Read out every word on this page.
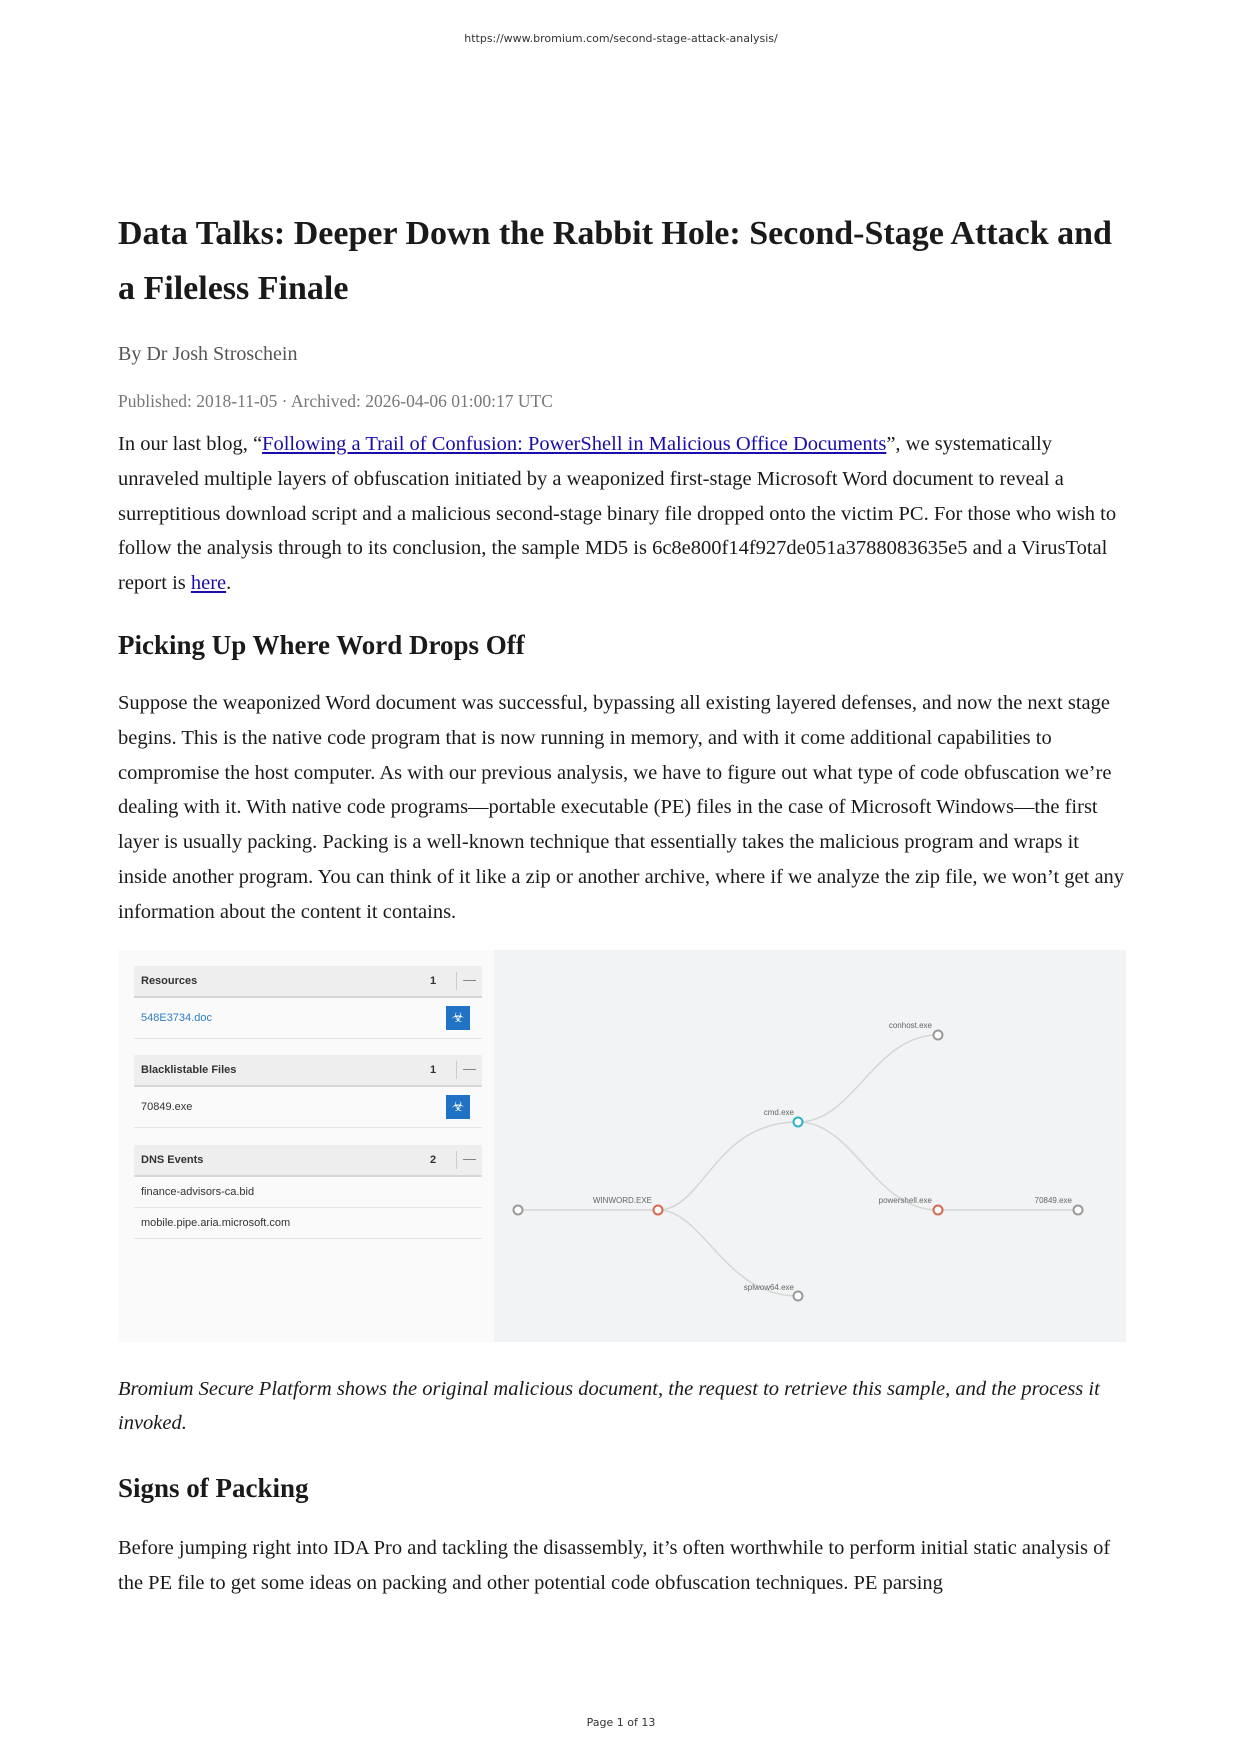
https://www.bromium.com/second-stage-attack-analysis/
Data Talks: Deeper Down the Rabbit Hole: Second-Stage Attack and a Fileless Finale
By Dr Josh Stroschein
Published: 2018-11-05 · Archived: 2026-04-06 01:00:17 UTC

In our last blog, “Following a Trail of Confusion: PowerShell in Malicious Office Documents”, we systematically unraveled multiple layers of obfuscation initiated by a weaponized first-stage Microsoft Word document to reveal a surreptitious download script and a malicious second-stage binary file dropped onto the victim PC. For those who wish to follow the analysis through to its conclusion, the sample MD5 is 6c8e800f14f927de051a3788083635e5 and a VirusTotal report is here.

Picking Up Where Word Drops Off

Suppose the weaponized Word document was successful, bypassing all existing layered defenses, and now the next stage begins. This is the native code program that is now running in memory, and with it come additional capabilities to compromise the host computer. As with our previous analysis, we have to figure out what type of code obfuscation we’re dealing with it. With native code programs—portable executable (PE) files in the case of Microsoft Windows—the first layer is usually packing. Packing is a well-known technique that essentially takes the malicious program and wraps it inside another program. You can think of it like a zip or another archive, where if we analyze the zip file, we won’t get any information about the content it contains.

Resources	1	—
548E3734.doc	☣
Blacklistable Files	1	—
70849.exe	☣
DNS Events	2	—
finance-advisors-ca.bid
mobile.pipe.aria.microsoft.com
WINWORD.EXE
cmd.exe
conhost.exe
powershell.exe
splwow64.exe
70849.exe
Bromium Secure Platform shows the original malicious document, the request to retrieve this sample, and the process it invoked.
Signs of Packing

Before jumping right into IDA Pro and tackling the disassembly, it’s often worthwhile to perform initial static analysis of the PE file to get some ideas on packing and other potential code obfuscation techniques. PE parsing

Page 1 of 13
